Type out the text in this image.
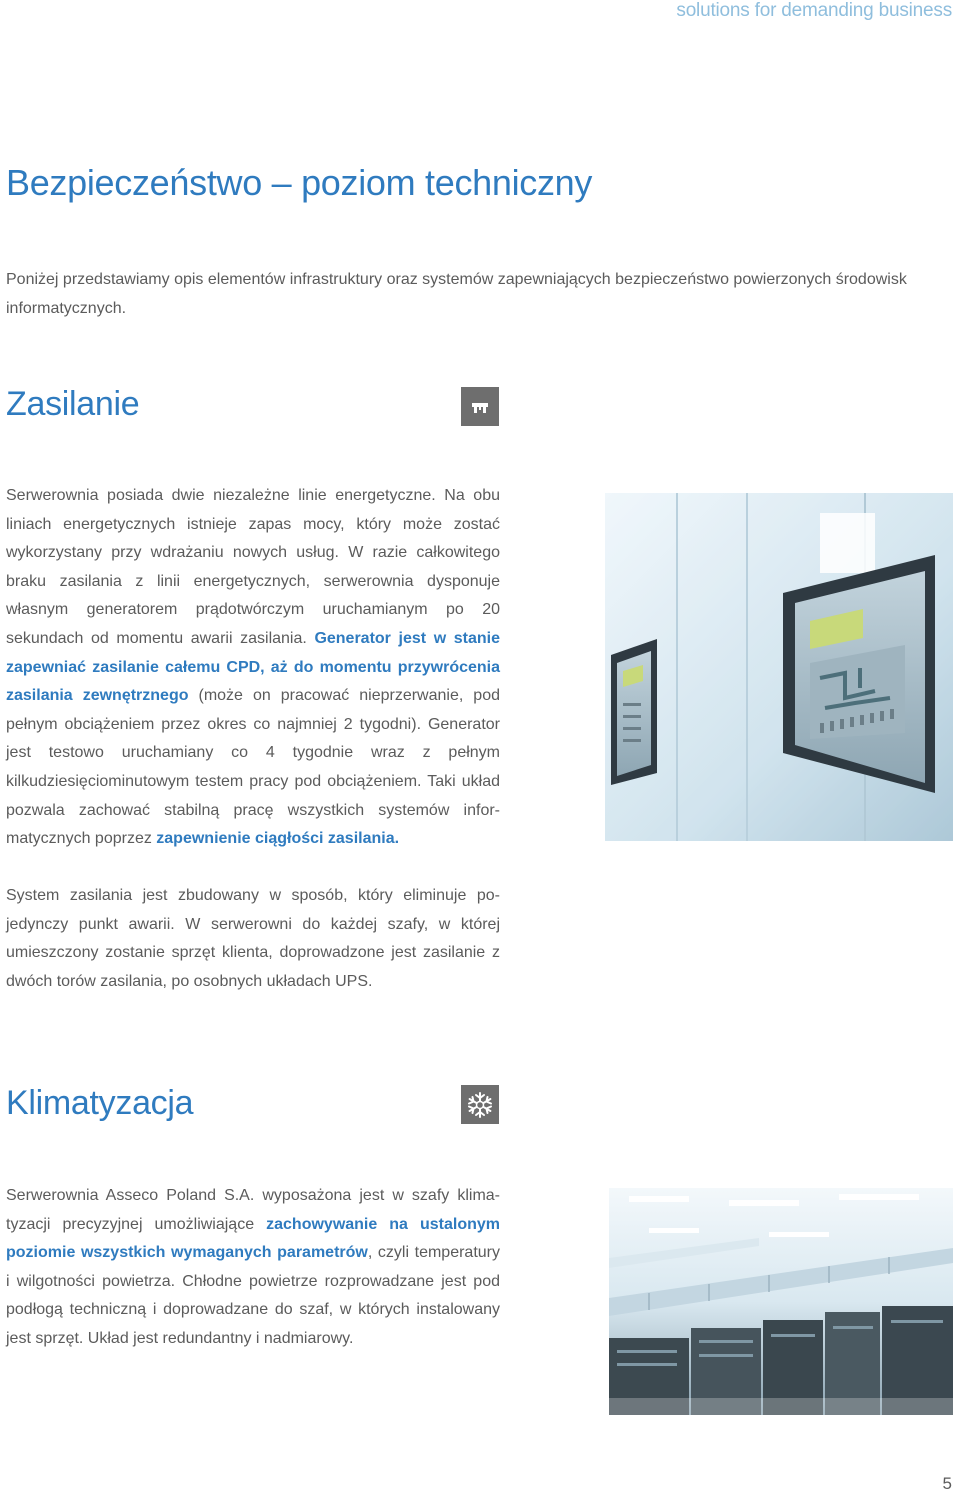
solutions for demanding business
Bezpieczeństwo – poziom techniczny

Poniżej przedstawiamy opis elementów infrastruktury oraz systemów zapewniających bezpieczeństwo powierzonych środowisk informatycznych.

Zasilanie

Serwerownia posiada dwie niezależne linie energetyczne. Na obu liniach energetycznych istnieje zapas mocy, który może zostać wykorzystany przy wdrażaniu nowych usług. W razie całkowitego braku zasilania z linii energetycznych, serwerownia dysponuje własnym generatorem prądotwórczym uruchamianym po 20 sekundach od momentu awarii zasilania. Generator jest w stanie zapewniać zasilanie całemu CPD, aż do momentu przywrócenia zasilania zewnętrznego (może on pracować nieprzerwanie, pod pełnym obciążeniem przez okres co najmniej 2 tygodni). Generator jest testowo uruchamiany co 4 tygodnie wraz z pełnym kilkudziesięciominutowym testem pracy pod obciążeniem. Taki układ pozwala zachować stabilną pracę wszystkich systemów informatycznych poprzez zapewnienie ciągłości zasilania.

System zasilania jest zbudowany w sposób, który eliminuje pojedynczy punkt awarii. W serwerowni do każdej szafy, w której umieszczony zostanie sprzęt klienta, doprowadzone jest zasilanie z dwóch torów zasilania, po osobnych układach UPS.

Klimatyzacja

Serwerownia Asseco Poland S.A. wyposażona jest w szafy klimatyzacji precyzyjnej umożliwiające zachowywanie na ustalonym poziomie wszystkich wymaganych parametrów, czyli temperatury i wilgotności powietrza. Chłodne powietrze rozprowadzane jest pod podłogą techniczną i doprowadzane do szaf, w których instalowany jest sprzęt. Układ jest redundantny i nadmiarowy.

5
